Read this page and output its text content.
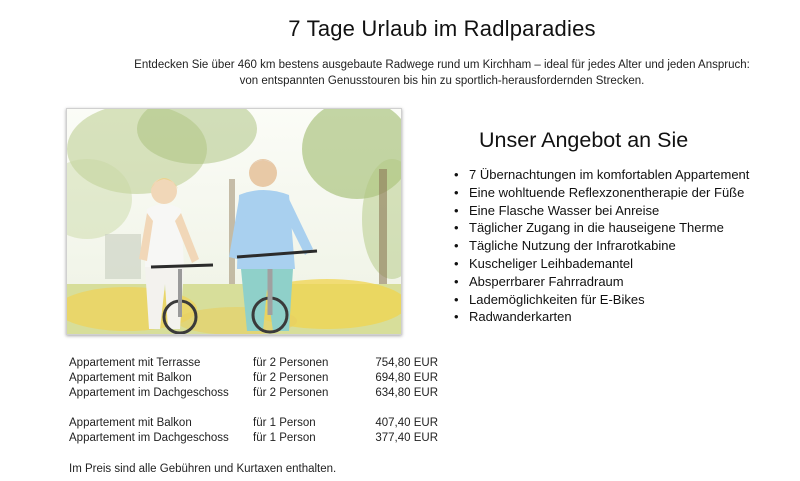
7 Tage Urlaub im Radlparadies
Entdecken Sie über 460 km bestens ausgebaute Radwege rund um Kirchham – ideal für jedes Alter und jeden Anspruch:
von entspannten Genusstouren bis hin zu sportlich-herausfordernden Strecken.
Unser Angebot an Sie
• 7 Übernachtungen im komfortablen Appartement
• Eine wohltuende Reflexzonentherapie der Füße
• Eine Flasche Wasser bei Anreise
• Täglicher Zugang in die hauseigene Therme
• Tägliche Nutzung der Infrarotkabine
• Kuscheliger Leihbademantel
• Absperrbarer Fahrradraum
• Lademöglichkeiten für E-Bikes
• Radwanderkarten
Appartement mit Terrasse	für 2 Personen	754,80 EUR
Appartement mit Balkon	für 2 Personen	694,80 EUR
Appartement im Dachgeschoss	für 2 Personen	634,80 EUR
Appartement mit Balkon	für 1 Person	407,40 EUR
Appartement im Dachgeschoss	für 1 Person	377,40 EUR
Im Preis sind alle Gebühren und Kurtaxen enthalten.
